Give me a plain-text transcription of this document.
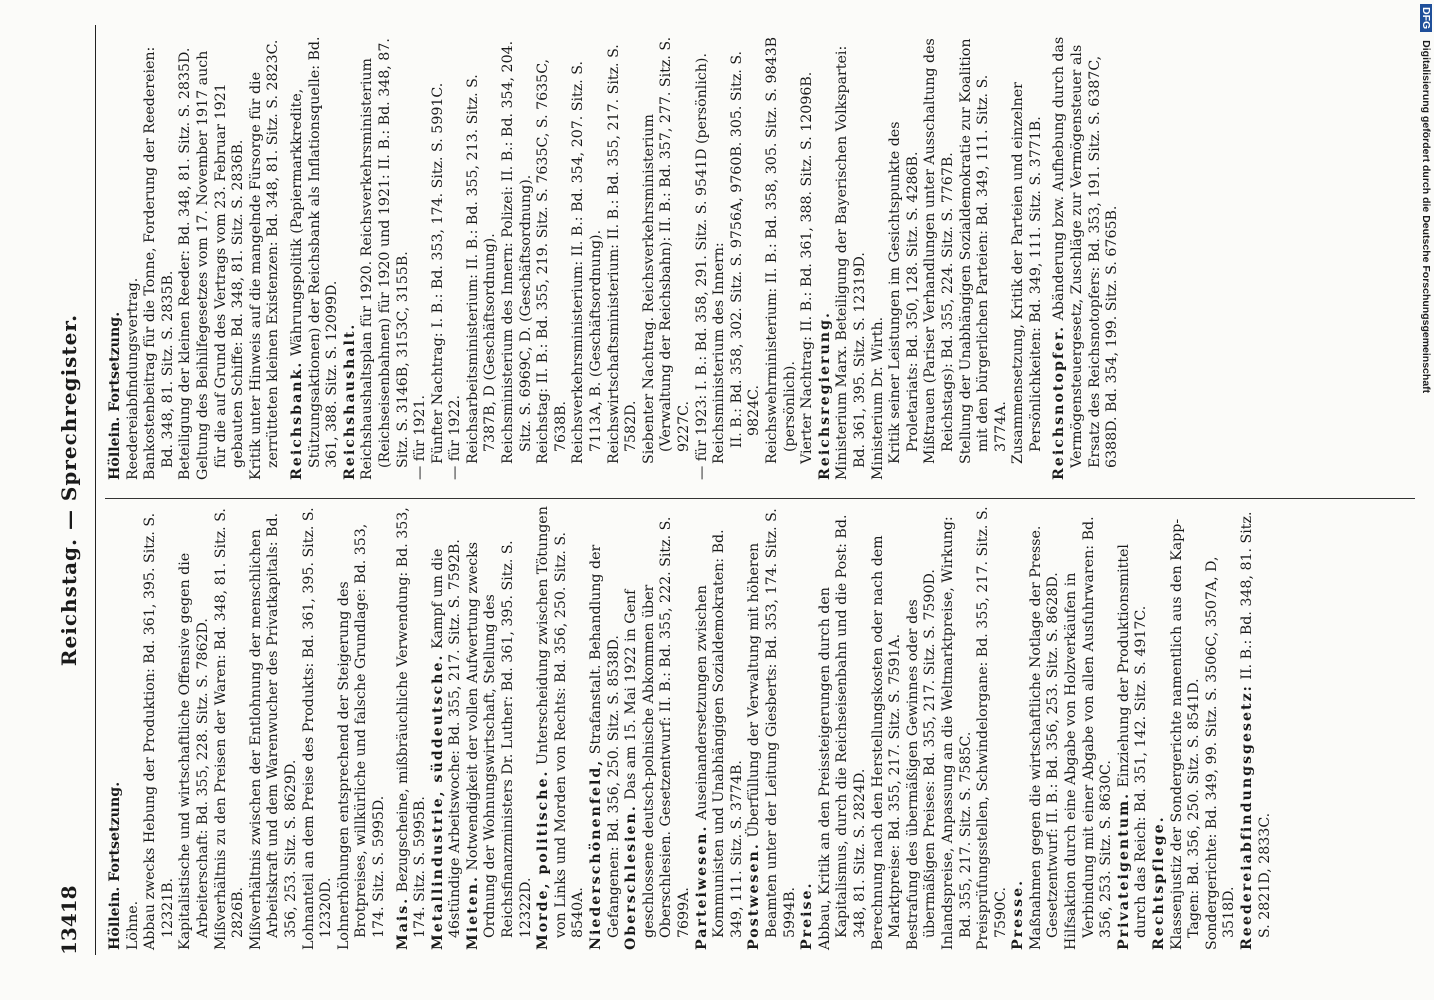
DFGDigitalisierung gefördert durch die Deutsche Forschungsgemeinschaft
13418
Reichstag. — Sprechregister.
Höllein. Fortsetzung. Löhne. Abbau zwecks Hebung der Produktion: Bd. 361, 395. Sitz. S. 12321B. Kapitalistische und wirtschaftliche Offensive gegen die Arbeiterschaft: Bd. 355, 228. Sitz. S. 7862D. Mißverhältnis zu den Preisen der Waren: Bd. 348, 81. Sitz. S. 2826B. Mißverhältnis zwischen der Entlohnung der menschlichen Arbeitskraft und dem Warenwucher des Privatkapitals: Bd. 356, 253. Sitz. S. 8629D. Lohnanteil an dem Preise des Produkts: Bd. 361, 395. Sitz. S. 12320D. Lohnerhöhungen entsprechend der Steigerung des Brotpreises, willkürliche und falsche Grundlage: Bd. 353, 174. Sitz. S. 5995D. Mais. Bezugscheine, mißbräuchliche Verwendung: Bd. 353, 174. Sitz. S. 5995B. Metallindustrie, süddeutsche. Kampf um die 46stündige Arbeitswoche: Bd. 355, 217. Sitz. S. 7592B. Mieten. Notwendigkeit der vollen Aufwertung zwecks Ordnung der Wohnungswirtschaft, Stellung des Reichsfinanzministers Dr. Luther: Bd. 361, 395. Sitz. S. 12322D. Morde, politische. Unterscheidung zwischen Tötungen von Links und Morden von Rechts: Bd. 356, 250. Sitz. S. 8540A. Niederschönenfeld, Strafanstalt. Behandlung der Gefangenen: Bd. 356, 250. Sitz. S. 8538D. Oberschlesien. Das am 15. Mai 1922 in Genf geschlossene deutsch-polnische Abkommen über Oberschlesien. Gesetzentwurf: II. B.: Bd. 355, 222. Sitz. S. 7699A. Parteiwesen. Auseinandersetzungen zwischen Kommunisten und Unabhängigen Sozialdemokraten: Bd. 349, 111. Sitz. S. 3774B. Postwesen. Überfüllung der Verwaltung mit höheren Beamten unter der Leitung Giesberts: Bd. 353, 174. Sitz. S. 5994B. Preise. Abbau, Kritik an den Preissteigerungen durch den Kapitalismus, durch die Reichseisenbahn und die Post: Bd. 348, 81. Sitz. S. 2824D. Berechnung nach den Herstellungskosten oder nach dem Marktpreise: Bd. 355, 217. Sitz. S. 7591A. Bestrafung des übermäßigen Gewinnes oder des übermäßigen Preises: Bd. 355, 217. Sitz. S. 7590D. Inlandspreise, Anpassung an die Weltmarktpreise, Wirkung: Bd. 355, 217. Sitz. S. 7585C. Preisprüfungsstellen, Schwindelorgane: Bd. 355, 217. Sitz. S. 7590C. Presse. Maßnahmen gegen die wirtschaftliche Notlage der Presse. Gesetzentwurf: II. B.: Bd. 356, 253. Sitz. S. 8628D. Hilfsaktion durch eine Abgabe von Holzverkäufen in Verbindung mit einer Abgabe von allen Ausfuhrwaren: Bd. 356, 253. Sitz. S. 8630C. Privateigentum. Einziehung der Produktionsmittel durch das Reich: Bd. 351, 142. Sitz. S. 4917C. Rechtspflege. Klassenjustiz der Sondergerichte namentlich aus den Kapp-Tagen: Bd. 356, 250. Sitz. S. 8541D. Sondergerichte: Bd. 349, 99. Sitz. S. 3506C, 3507A, D, 3518D. Reedereiabfindungsgesetz: II. B.: Bd. 348, 81. Sitz. S. 2821D, 2833C.
Höllein. Fortsetzung. Reedereiabfindungsvertrag. Bankostenbeitrag für die Tonne, Forderung der Reedereien: Bd. 348, 81. Sitz. S. 2835B. Beteiligung der kleinen Reeder: Bd. 348, 81. Sitz. S. 2835D. Geltung des Beihilfegesetzes vom 17. November 1917 auch für die auf Grund des Vertrags vom 23. Februar 1921 gebauten Schiffe: Bd. 348, 81. Sitz. S. 2836B. Kritik unter Hinweis auf die mangelnde Fürsorge für die zerrütteten kleinen Existenzen: Bd. 348, 81. Sitz. S. 2823C. Reichsbank. Währungspolitik (Papiermarkkredite, Stützungsaktionen) der Reichsbank als Inflationsquelle: Bd. 361, 388. Sitz. S. 12099D. Reichshaushalt. Reichshaushaltsplan für 1920. Reichsverkehrsministerium (Reichseisenbahnen) für 1920 und 1921: II. B.: Bd. 348, 87. Sitz. S. 3146B, 3153C, 3155B. — für 1921. Fünfter Nachtrag: I. B.: Bd. 353, 174. Sitz. S. 5991C. — für 1922. Reichsarbeitsministerium: II. B.: Bd. 355, 213. Sitz. S. 7387B, D (Geschäftsordnung). Reichsministerium des Innern: Polizei: II. B.: Bd. 354, 204. Sitz. S. 6969C, D. (Geschäftsordnung). Reichstag: II. B.: Bd. 355, 219. Sitz. S. 7635C, S. 7635C, 7638B. Reichsverkehrsministerium: II. B.: Bd. 354, 207. Sitz. S. 7113A, B. (Geschäftsordnung). Reichswirtschaftsministerium: II. B.: Bd. 355, 217. Sitz. S. 7582D. Siebenter Nachtrag. Reichsverkehrsministerium (Verwaltung der Reichsbahn): II. B.: Bd. 357, 277. Sitz. S. 9227C. — für 1923: I. B.: Bd. 358, 291. Sitz. S. 9541D (persönlich). Reichsministerium des Innern: II. B.: Bd. 358, 302. Sitz. S. 9756A, 9760B. 305. Sitz. S. 9824C. Reichswehrministerium: II. B.: Bd. 358, 305. Sitz. S. 9843B (persönlich). Vierter Nachtrag: II. B.: Bd. 361, 388. Sitz. S. 12096B. Reichsregierung. Ministerium Marx. Beteiligung der Bayerischen Volkspartei: Bd. 361, 395. Sitz. S. 12319D. Ministerium Dr. Wirth. Kritik seiner Leistungen im Gesichtspunkte des Proletariats: Bd. 350, 128. Sitz. S. 4286B. Mißtrauen (Pariser Verhandlungen unter Ausschaltung des Reichstags): Bd. 355, 224. Sitz. S. 7767B. Stellung der Unabhängigen Sozialdemokratie zur Koalition mit den bürgerlichen Parteien: Bd. 349, 111. Sitz. S. 3774A. Zusammensetzung, Kritik der Parteien und einzelner Persönlichkeiten: Bd. 349, 111. Sitz. S. 3771B. Reichsnotopfer. Abänderung bzw. Aufhebung durch das Vermögensteuergesetz, Zuschläge zur Vermögensteuer als Ersatz des Reichsnotopfers: Bd. 353, 191. Sitz. S. 6387C, 6388D. Bd. 354, 199. Sitz. S. 6765B.
